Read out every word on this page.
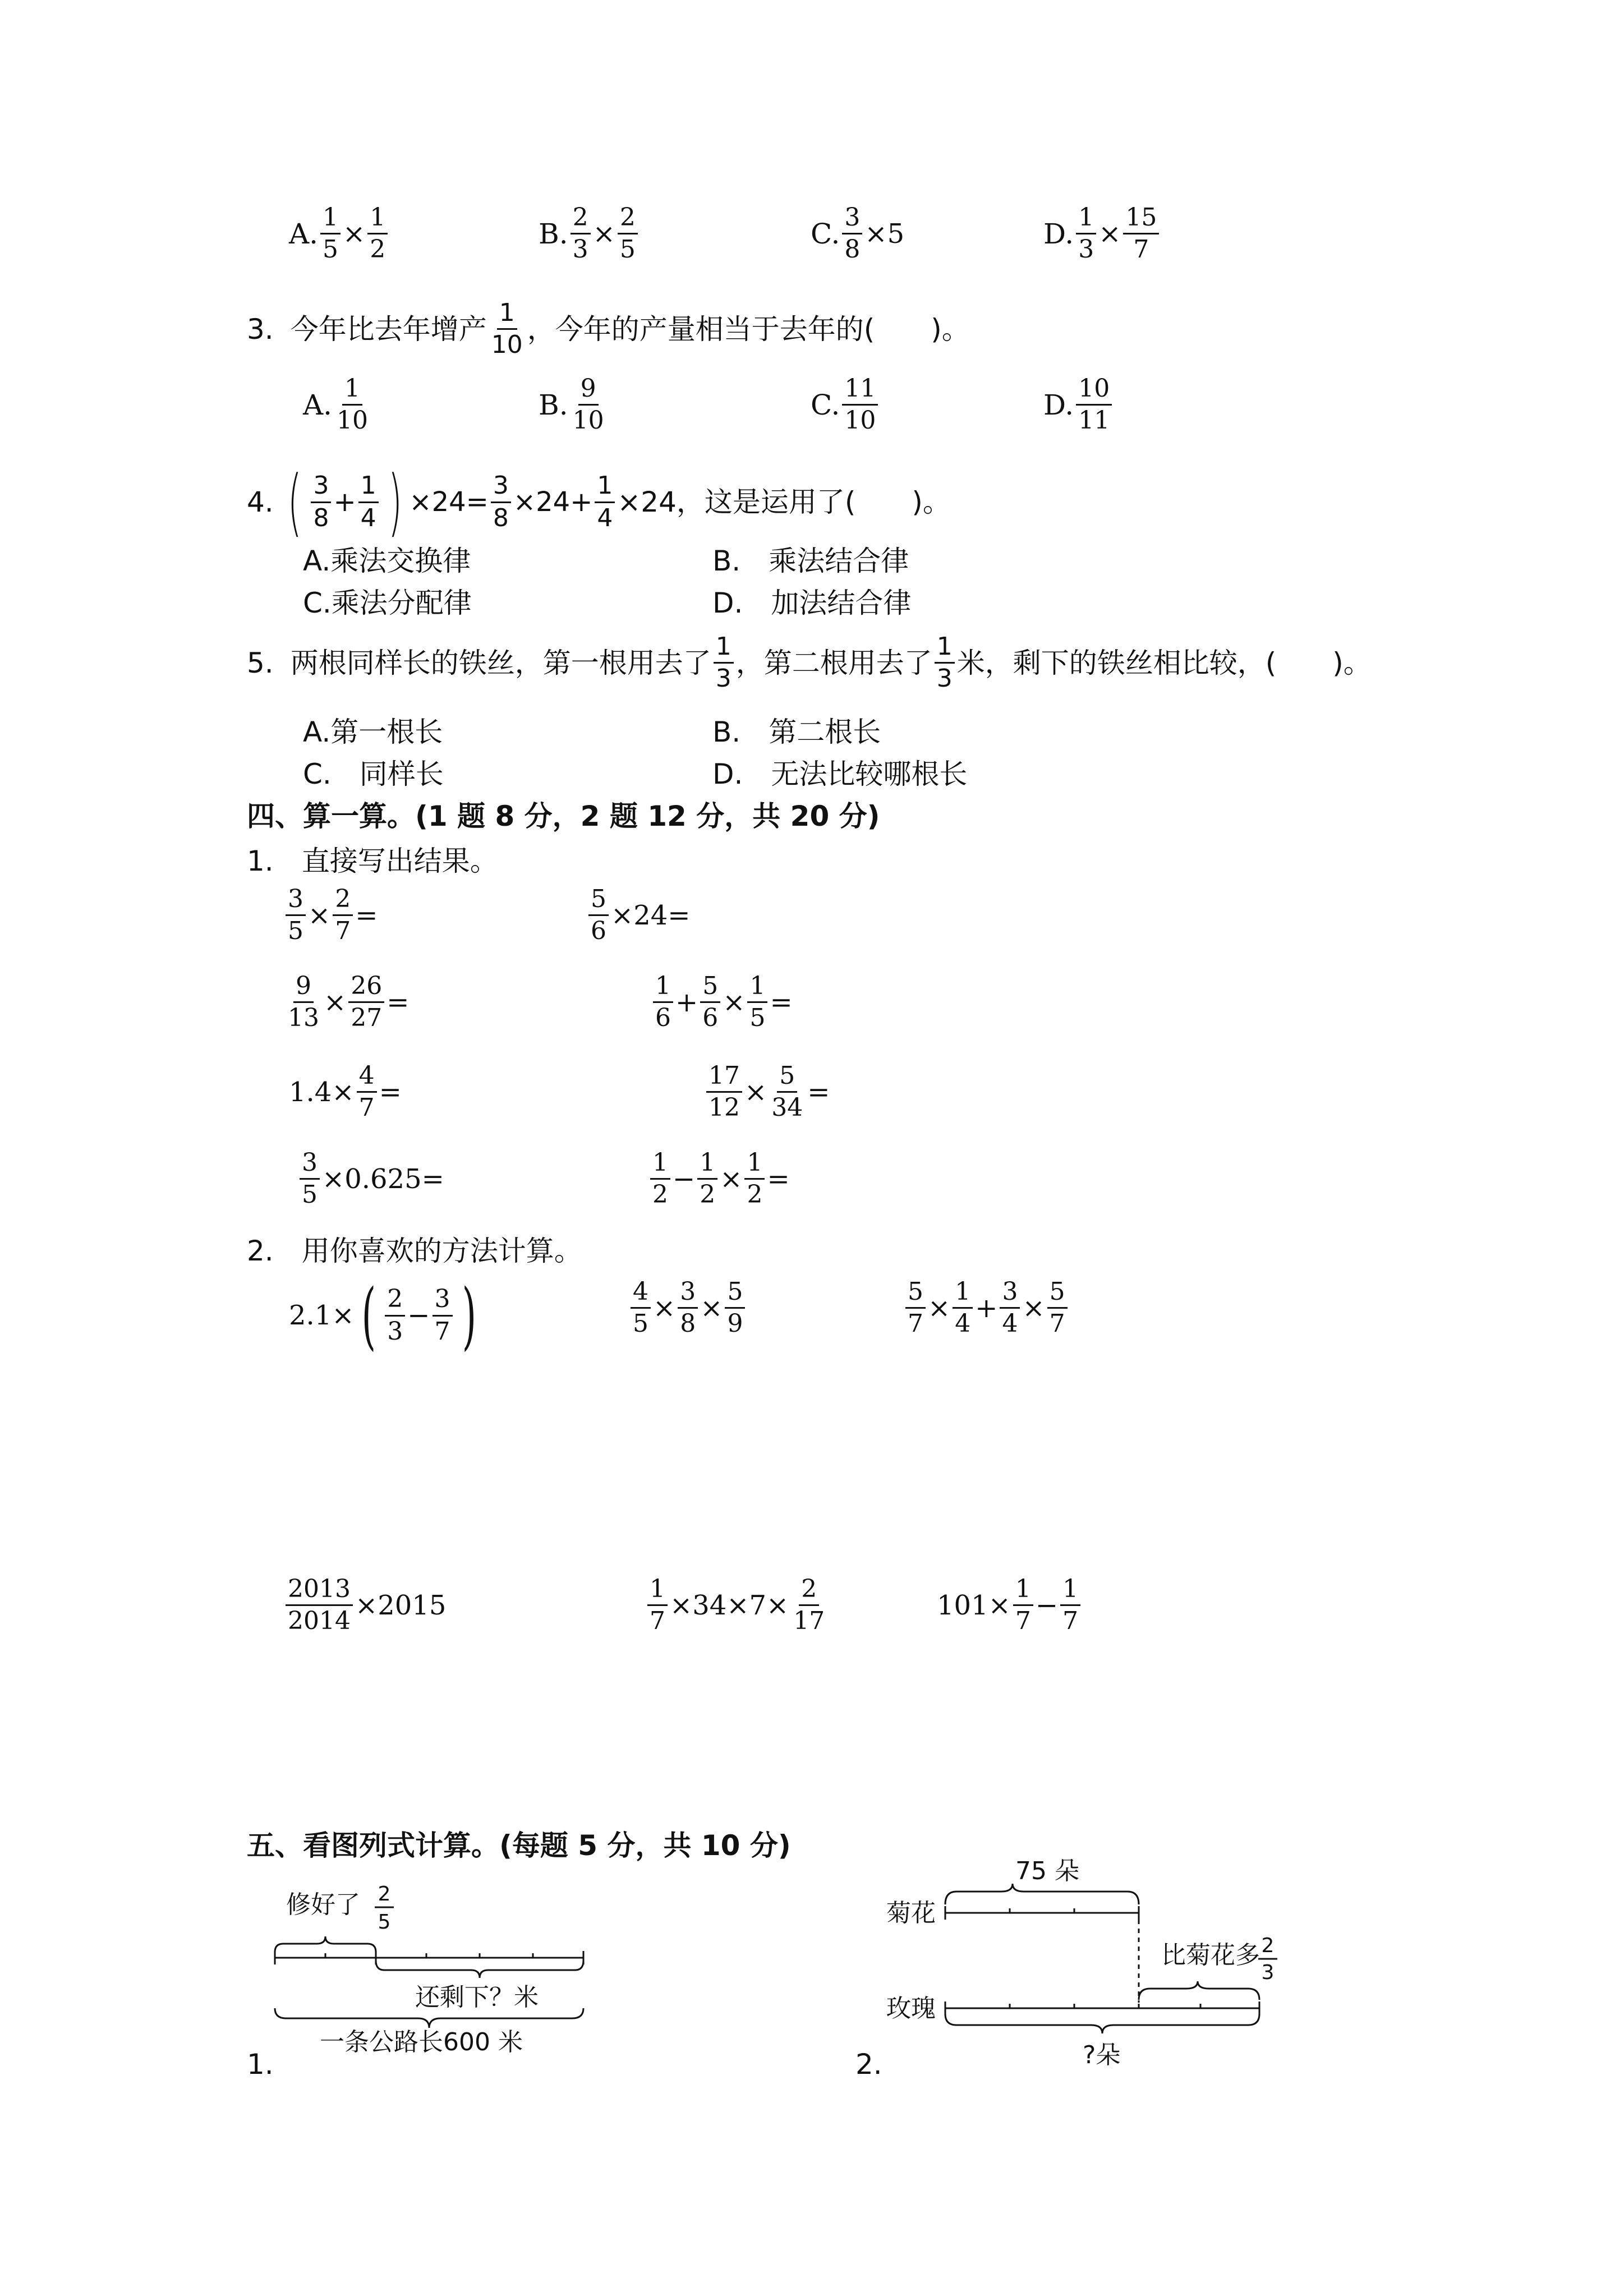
A. $\frac{1}{5} \times \frac{1}{2}$	B. $\frac{2}{3} \times \frac{2}{5}$	C. $\frac{3}{8} \times 5$	D. $\frac{1}{3} \times \frac{15}{7}$
3. 今年比去年增产 $\frac{1}{10}$ ，今年的产量相当于去年的(　　)。
A. $\frac{1}{10}$	B. $\frac{9}{10}$	C. $\frac{11}{10}$	D. $\frac{10}{11}$
4. ( $\frac{3}{8} + \frac{1}{4}$ ) $\times 24= \frac{3}{8} \times 24+ \frac{1}{4} \times 24$，这是运用了(　　)。
A.乘法交换律	B.　乘法结合律
C.乘法分配律	D.　加法结合律
5. 两根同样长的铁丝，第一根用去了 $\frac{1}{3}$ ，第二根用去了 $\frac{1}{3}$ 米，剩下的铁丝相比较，(　　)。
A.第一根长	B.　第二根长
C.　同样长	D.　无法比较哪根长
四、算一算。(1 题 8 分，2 题 12 分，共 20 分)
1.　直接写出结果。
$\frac{3}{5} \times \frac{2}{7}$ =	$\frac{5}{6} \times 24=$
$\frac{9}{13} \times \frac{26}{27}$ =	$\frac{1}{6} + \frac{5}{6} \times \frac{1}{5}$ =
$1.4\times \frac{4}{7}$ =	$\frac{17}{12} \times \frac{5}{34}$ =
$\frac{3}{5} \times 0.625=$	$\frac{1}{2} - \frac{1}{2} \times \frac{1}{2}$ =
2.　用你喜欢的方法计算。
2.1× ( $\frac{2}{3} - \frac{3}{7}$ )	$\frac{4}{5} \times \frac{3}{8} \times \frac{5}{9}$	$\frac{5}{7} \times \frac{1}{4} + \frac{3}{4} \times \frac{5}{7}$
$\frac{2013}{2014} \times 2015$	$\frac{1}{7} \times 34\times 7\times \frac{2}{17}$	$101\times \frac{1}{7} - \frac{1}{7}$
五、看图列式计算。(每题 5 分，共 10 分)
1.
修好了 2
5
还剩下？米
一条公路长600 米
2.
75 朵
菊花
比菊花多 2
3
玫瑰
?朵
